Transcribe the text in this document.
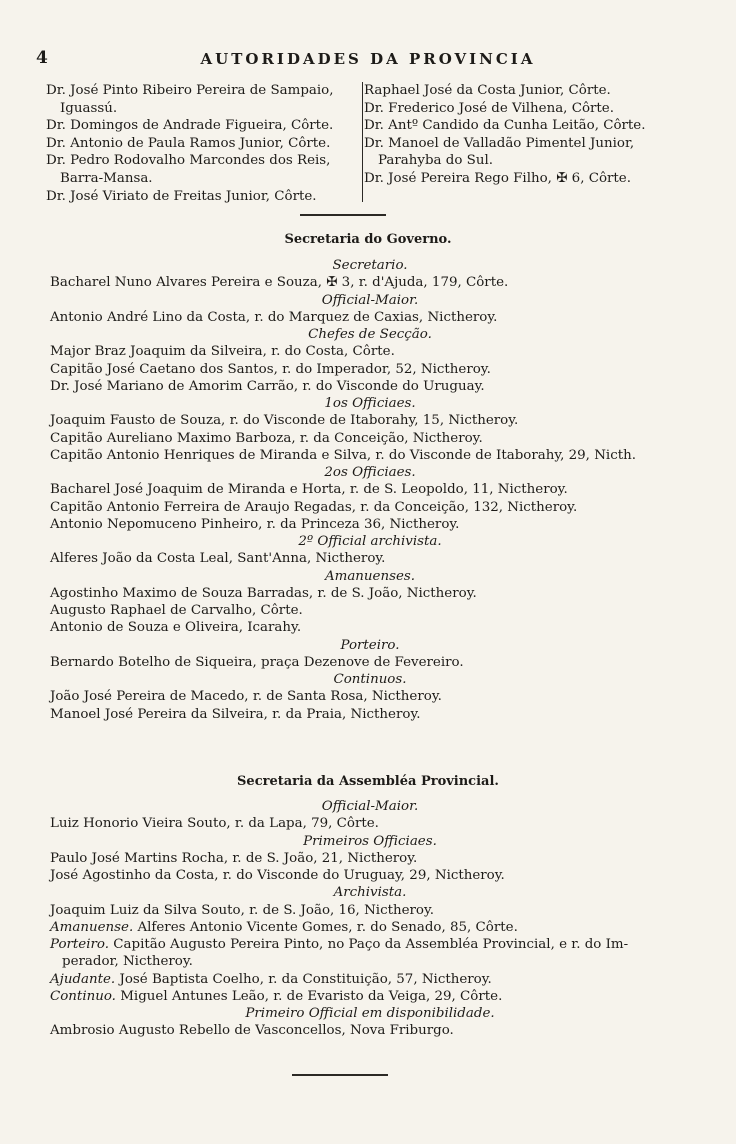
4	AUTORIDADES DA PROVINCIA
Dr. José Pinto Ribeiro Pereira de Sampaio,
Iguassú.
Dr. Domingos de Andrade Figueira, Côrte.
Dr. Antonio de Paula Ramos Junior, Côrte.
Dr. Pedro Rodovalho Marcondes dos Reis,
Barra-Mansa.
Dr. José Viriato de Freitas Junior, Côrte.
Raphael José da Costa Junior, Côrte.
Dr. Frederico José de Vilhena, Côrte.
Dr. Antº Candido da Cunha Leitão, Côrte.
Dr. Manoel de Valladão Pimentel Junior,
Parahyba do Sul.
Dr. José Pereira Rego Filho, ✠ 6, Côrte.
Secretaria do Governo.
Secretario.
Bacharel Nuno Alvares Pereira e Souza, ✠ 3, r. d'Ajuda, 179, Côrte.
Official-Maior.
Antonio André Lino da Costa, r. do Marquez de Caxias, Nictheroy.
Chefes de Secção.
Major Braz Joaquim da Silveira, r. do Costa, Côrte.
Capitão José Caetano dos Santos, r. do Imperador, 52, Nictheroy.
Dr. José Mariano de Amorim Carrão, r. do Visconde do Uruguay.
1os Officiaes.
Joaquim Fausto de Souza, r. do Visconde de Itaborahy, 15, Nictheroy.
Capitão Aureliano Maximo Barboza, r. da Conceição, Nictheroy.
Capitão Antonio Henriques de Miranda e Silva, r. do Visconde de Itaborahy, 29, Nicth.
2os Officiaes.
Bacharel José Joaquim de Miranda e Horta, r. de S. Leopoldo, 11, Nictheroy.
Capitão Antonio Ferreira de Araujo Regadas, r. da Conceição, 132, Nictheroy.
Antonio Nepomuceno Pinheiro, r. da Princeza 36, Nictheroy.
2º Official archivista.
Alferes João da Costa Leal, Sant'Anna, Nictheroy.
Amanuenses.
Agostinho Maximo de Souza Barradas, r. de S. João, Nictheroy.
Augusto Raphael de Carvalho, Côrte.
Antonio de Souza e Oliveira, Icarahy.
Porteiro.
Bernardo Botelho de Siqueira, praça Dezenove de Fevereiro.
Continuos.
João José Pereira de Macedo, r. de Santa Rosa, Nictheroy.
Manoel José Pereira da Silveira, r. da Praia, Nictheroy.
Secretaria da Assembléa Provincial.
Official-Maior.
Luiz Honorio Vieira Souto, r. da Lapa, 79, Côrte.
Primeiros Officiaes.
Paulo José Martins Rocha, r. de S. João, 21, Nictheroy.
José Agostinho da Costa, r. do Visconde do Uruguay, 29, Nictheroy.
Archivista.
Joaquim Luiz da Silva Souto, r. de S. João, 16, Nictheroy.
Amanuense. Alferes Antonio Vicente Gomes, r. do Senado, 85, Côrte.
Porteiro. Capitão Augusto Pereira Pinto, no Paço da Assembléa Provincial, e r. do Im-
perador, Nictheroy.
Ajudante. José Baptista Coelho, r. da Constituição, 57, Nictheroy.
Continuo. Miguel Antunes Leão, r. de Evaristo da Veiga, 29, Côrte.
Primeiro Official em disponibilidade.
Ambrosio Augusto Rebello de Vasconcellos, Nova Friburgo.
